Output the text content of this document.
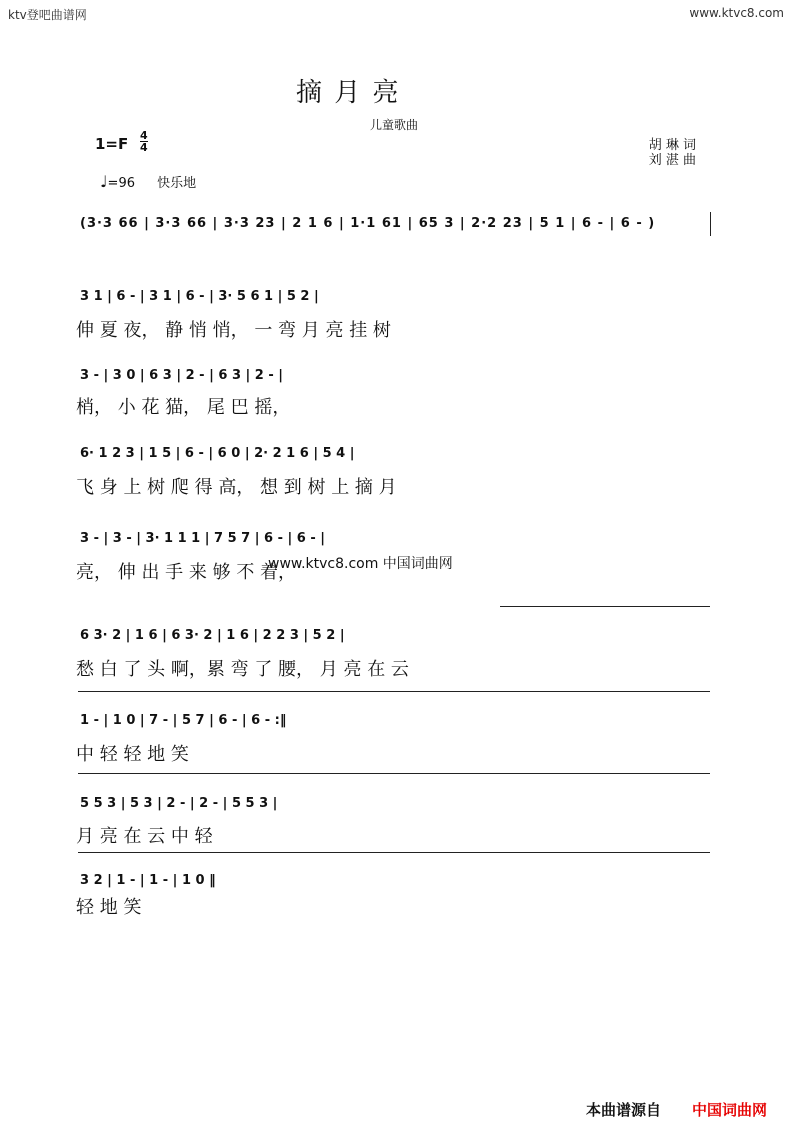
ktv登吧曲谱网	www.ktvc8.com
摘 月 亮
儿童歌曲
1=F 4
4	胡 琳 词
刘 湛 曲
♩=96 快乐地
(3·3 66 | 3·3 66 | 3·3 23 | 2 1 6 | 1·1 61 | 65 3 | 2·2 23 | 5 1 | 6 - | 6 - )
3 1 | 6 - | 3 1 | 6 - | 3· 5 6 1 | 5 2 |
伸 夏 夜， 静 悄 悄， 一 弯 月 亮 挂 树
3 - | 3 0 | 6 3 | 2 - | 6 3 | 2 - |
梢， 小 花 猫， 尾 巴 摇，
6· 1 2 3 | 1 5 | 6 - | 6 0 | 2· 2 1 6 | 5 4 |
飞 身 上 树 爬 得 高， 想 到 树 上 摘 月
3 - | 3 - | 3· 1 1 1 | 7 5 7 | 6 - | 6 - |
亮， 伸 出 手 来 够 不 着，
www.ktvc8.com 中国词曲网
6 3· 2 | 1 6 | 6 3· 2 | 1 6 | 2 2 3 | 5 2 |
愁 白 了 头 啊，累 弯 了 腰， 月 亮 在 云
1 - | 1 0 | 7 - | 5 7 | 6 - | 6 - :‖
中 轻 轻 地 笑
5 5 3 | 5 3 | 2 - | 2 - | 5 5 3 |
月 亮 在 云 中 轻
3 2 | 1 - | 1 - | 1 0 ‖
轻 地 笑
本曲谱源自 中国词曲网
